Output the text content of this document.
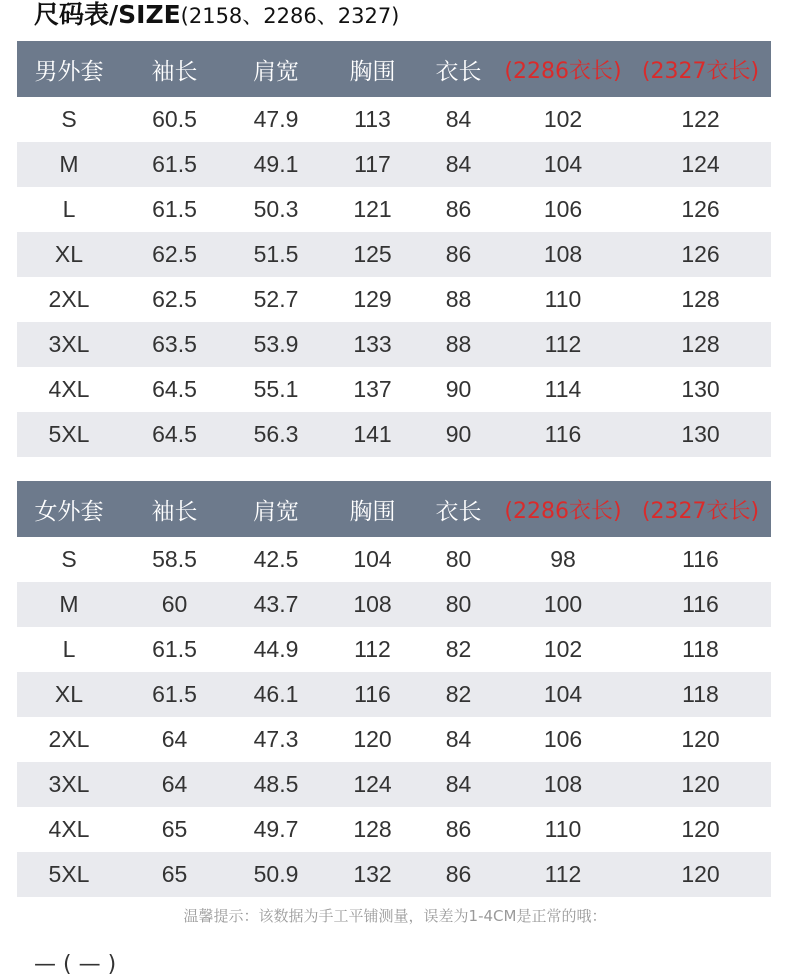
尺码表/SIZE(2158、2286、2327)
男外套	袖长	肩宽	胸围	衣长	(2286衣长)	(2327衣长)
S	60.5	47.9	113	84	102	122
M	61.5	49.1	117	84	104	124
L	61.5	50.3	121	86	106	126
XL	62.5	51.5	125	86	108	126
2XL	62.5	52.7	129	88	110	128
3XL	63.5	53.9	133	88	112	128
4XL	64.5	55.1	137	90	114	130
5XL	64.5	56.3	141	90	116	130
女外套	袖长	肩宽	胸围	衣长	(2286衣长)	(2327衣长)
S	58.5	42.5	104	80	98	116
M	60	43.7	108	80	100	116
L	61.5	44.9	112	82	102	118
XL	61.5	46.1	116	82	104	118
2XL	64	47.3	120	84	106	120
3XL	64	48.5	124	84	108	120
4XL	65	49.7	128	86	110	120
5XL	65	50.9	132	86	112	120
温馨提示：该数据为手工平铺测量，误差为1-4CM是正常的哦：
— ( — )
